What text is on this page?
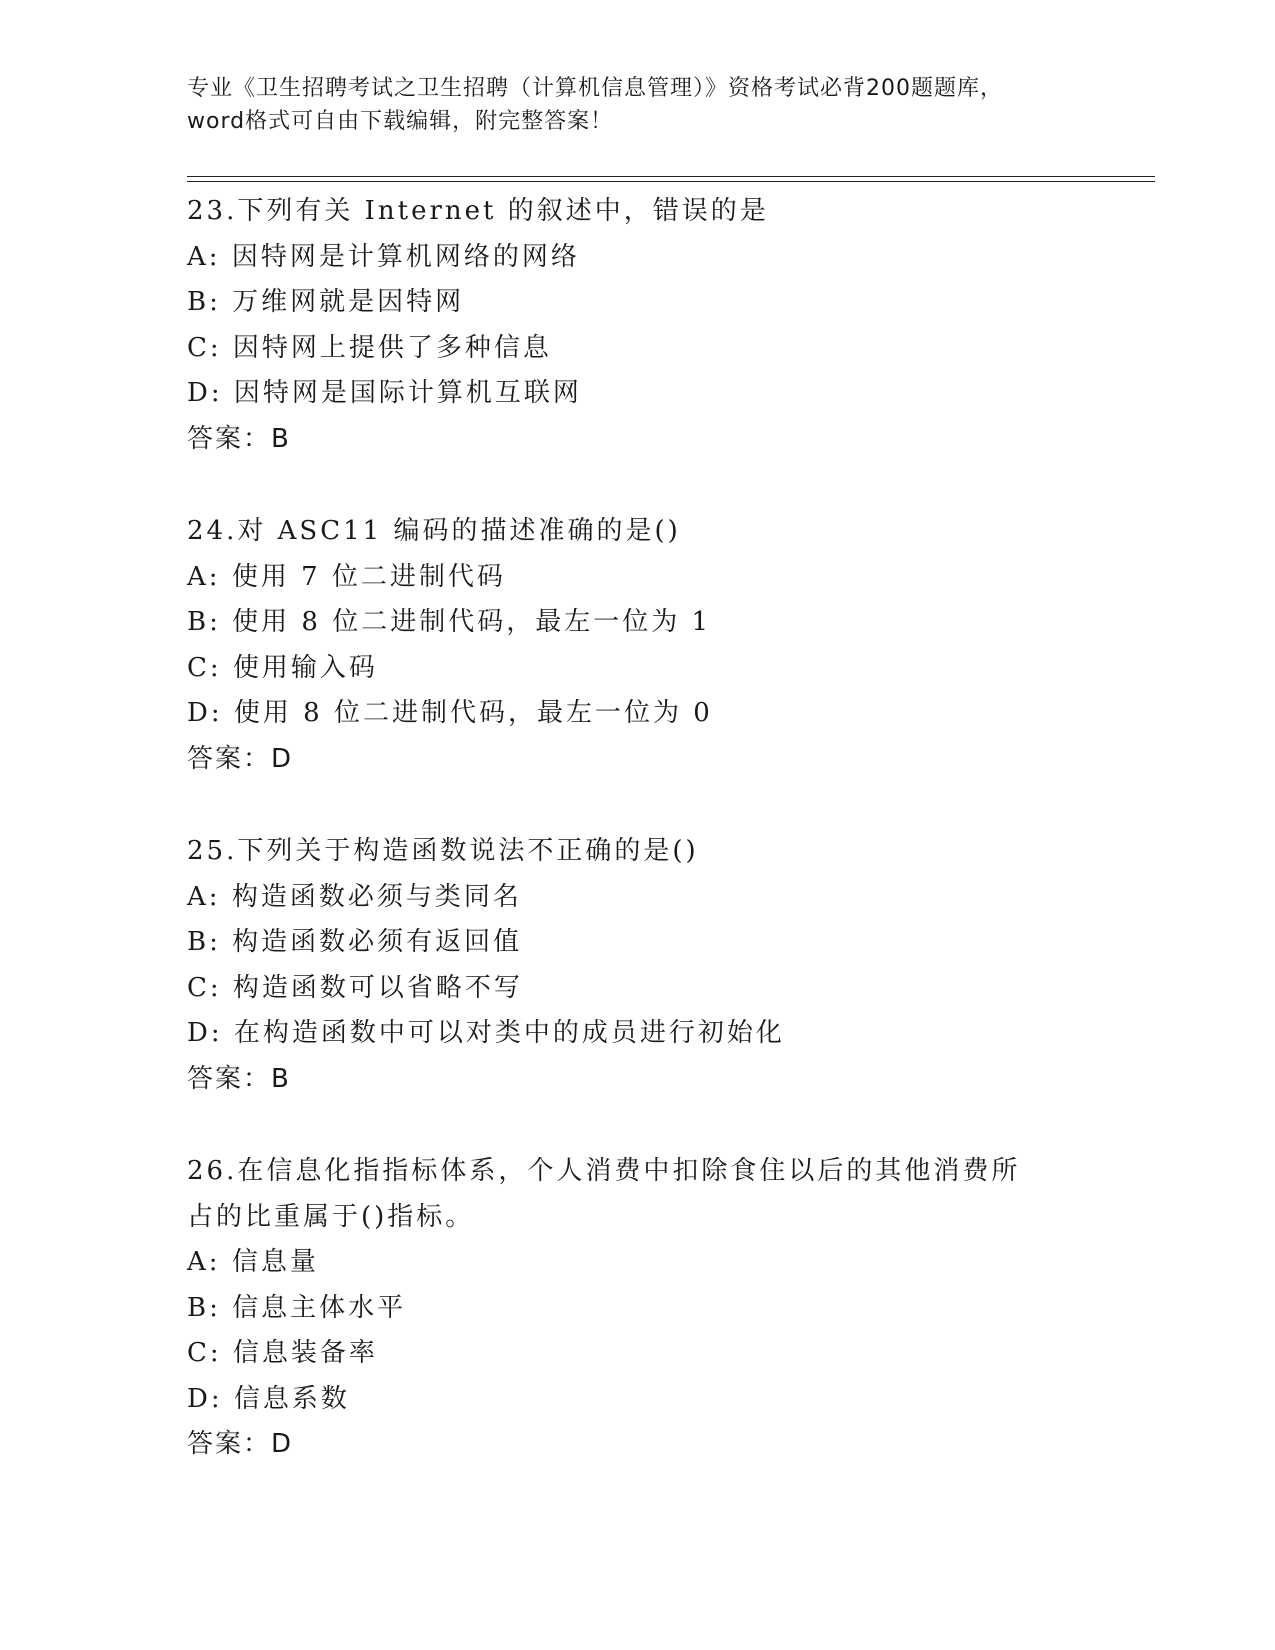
专业《卫生招聘考试之卫生招聘（计算机信息管理）》资格考试必背200题题库，
word格式可自由下载编辑，附完整答案！
23.下列有关 Internet 的叙述中，错误的是
A: 因特网是计算机网络的网络
B: 万维网就是因特网
C: 因特网上提供了多种信息
D: 因特网是国际计算机互联网
答案：B
24.对 ASC11 编码的描述准确的是()
A: 使用 7 位二进制代码
B: 使用 8 位二进制代码，最左一位为 1
C: 使用输入码
D: 使用 8 位二进制代码，最左一位为 0
答案：D
25.下列关于构造函数说法不正确的是()
A: 构造函数必须与类同名
B: 构造函数必须有返回值
C: 构造函数可以省略不写
D: 在构造函数中可以对类中的成员进行初始化
答案：B
26.在信息化指指标体系，个人消费中扣除食住以后的其他消费所占的比重属于()指标。
A: 信息量
B: 信息主体水平
C: 信息装备率
D: 信息系数
答案：D
